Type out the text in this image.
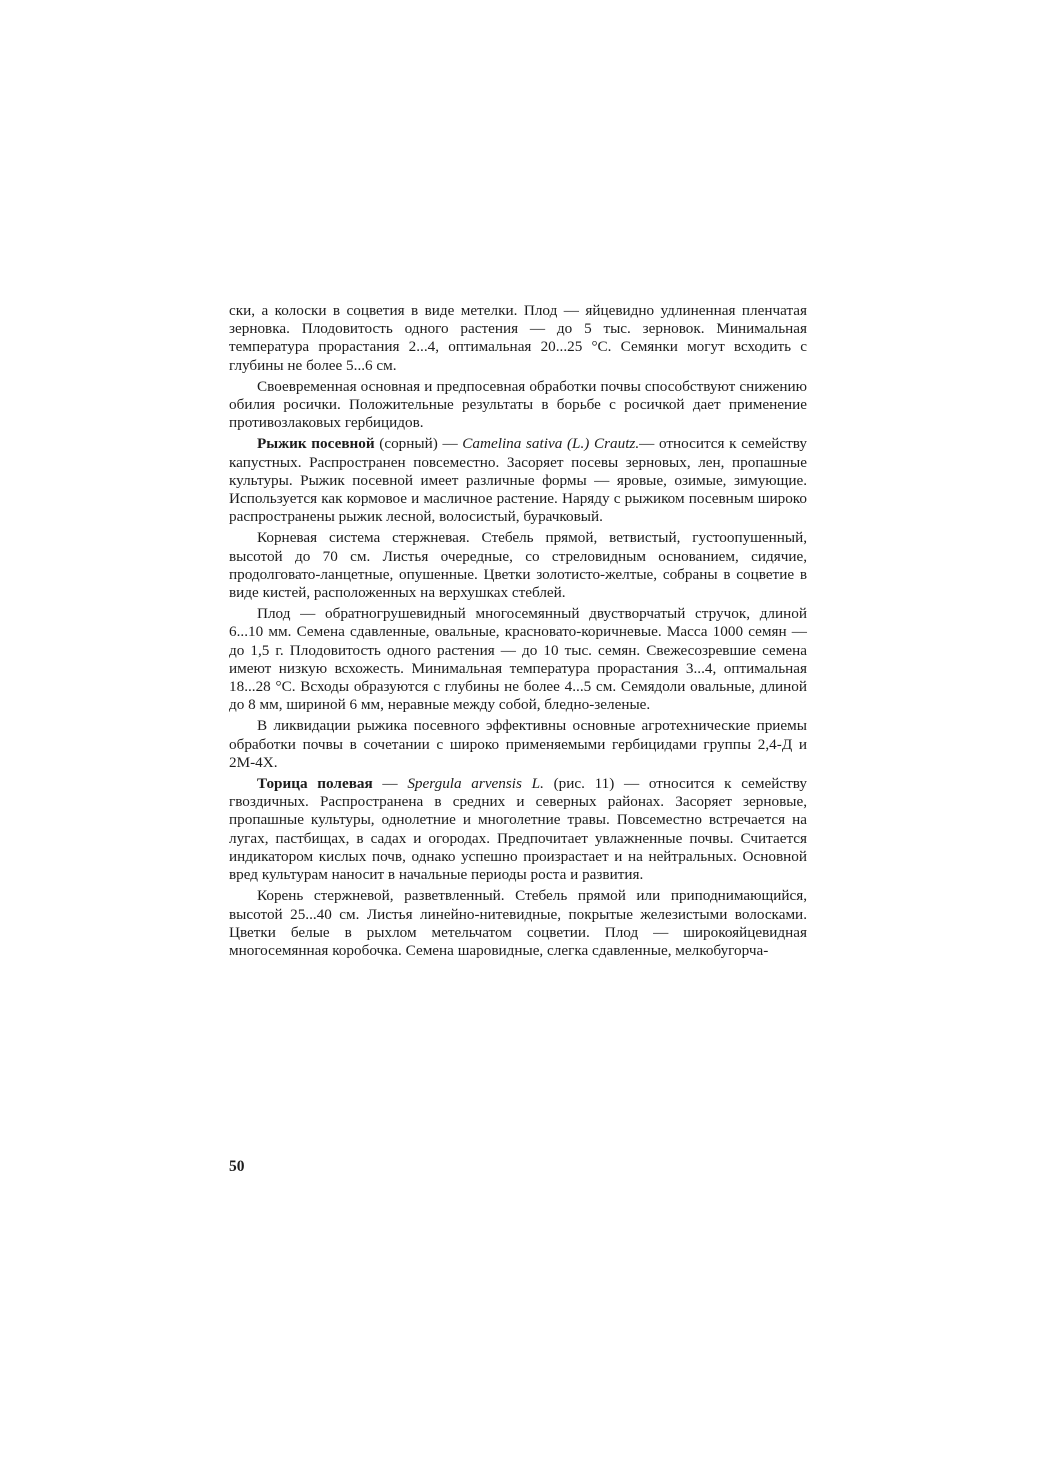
ски, а колоски в соцветия в виде метелки. Плод — яйцевидно удлиненная пленчатая зерновка. Плодовитость одного растения — до 5 тыс. зерновок. Минимальная температура прорастания 2...4, оптимальная 20...25 °С. Семянки могут всходить с глубины не более 5...6 см.

Своевременная основная и предпосевная обработки почвы способствуют снижению обилия росички. Положительные результаты в борьбе с росичкой дает применение противозлаковых гербицидов.

Рыжик посевной (сорный) — Camelina sativa (L.) Crautz.— относится к семейству капустных. Распространен повсеместно. Засоряет посевы зерновых, лен, пропашные культуры. Рыжик посевной имеет различные формы — яровые, озимые, зимующие. Используется как кормовое и масличное растение. Наряду с рыжиком посевным широко распространены рыжик лесной, волосистый, бурачковый.

Корневая система стержневая. Стебель прямой, ветвистый, густоопушенный, высотой до 70 см. Листья очередные, со стреловидным основанием, сидячие, продолговато-ланцетные, опушенные. Цветки золотисто-желтые, собраны в соцветие в виде кистей, расположенных на верхушках стеблей.

Плод — обратногрушевидный многосемянный двустворчатый стручок, длиной 6...10 мм. Семена сдавленные, овальные, красновато-коричневые. Масса 1000 семян — до 1,5 г. Плодовитость одного растения — до 10 тыс. семян. Свежесозревшие семена имеют низкую всхожесть. Минимальная температура прорастания 3...4, оптимальная 18...28 °С. Всходы образуются с глубины не более 4...5 см. Семядоли овальные, длиной до 8 мм, шириной 6 мм, неравные между собой, бледно-зеленые.

В ликвидации рыжика посевного эффективны основные агротехнические приемы обработки почвы в сочетании с широко применяемыми гербицидами группы 2,4-Д и 2М-4Х.

Торица полевая — Spergula arvensis L. (рис. 11) — относится к семейству гвоздичных. Распространена в средних и северных районах. Засоряет зерновые, пропашные культуры, однолетние и многолетние травы. Повсеместно встречается на лугах, пастбищах, в садах и огородах. Предпочитает увлажненные почвы. Считается индикатором кислых почв, однако успешно произрастает и на нейтральных. Основной вред культурам наносит в начальные периоды роста и развития.

Корень стержневой, разветвленный. Стебель прямой или приподнимающийся, высотой 25...40 см. Листья линейно-нитевидные, покрытые железистыми волосками. Цветки белые в рыхлом метельчатом соцветии. Плод — широкояйцевидная многосемянная коробочка. Семена шаровидные, слегка сдавленные, мелкобугорча-

50
